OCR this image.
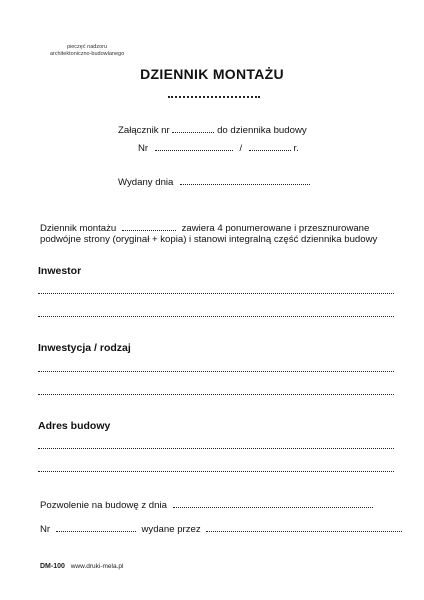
pieczęć nadzoru
architektoniczno-budowlanego
DZIENNIK MONTAŻU
Załącznik nr	do dziennika budowy
Nr	/	r.
Wydany dnia
Dziennik montażu	zawiera 4 ponumerowane i przesznurowane
podwójne strony (oryginał + kopia) i stanowi integralną część dziennika budowy
Inwestor
Inwestycja / rodzaj
Adres budowy
Pozwolenie na budowę z dnia
Nr	wydane przez
DM-100 www.druki-mela.pl
